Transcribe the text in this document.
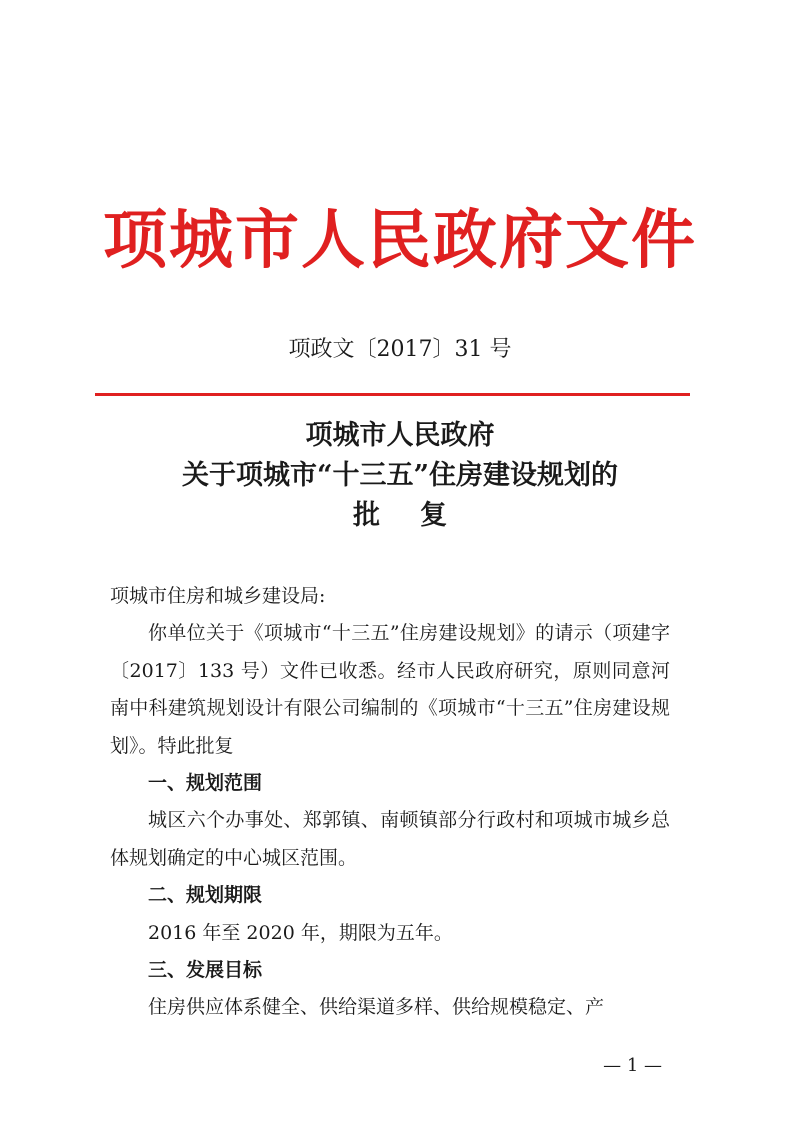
项城市人民政府文件
项政文〔2017〕31 号
项城市人民政府
关于项城市“十三五”住房建设规划的
批复

项城市住房和城乡建设局:

你单位关于《项城市“十三五”住房建设规划》的请示（项建字〔2017〕133 号）文件已收悉。经市人民政府研究，原则同意河南中科建筑规划设计有限公司编制的《项城市“十三五”住房建设规划》。特此批复

一、规划范围

城区六个办事处、郑郭镇、南顿镇部分行政村和项城市城乡总体规划确定的中心城区范围。

二、规划期限

2016 年至 2020 年，期限为五年。

三、发展目标

住房供应体系健全、供给渠道多样、供给规模稳定、产

— 1 —
